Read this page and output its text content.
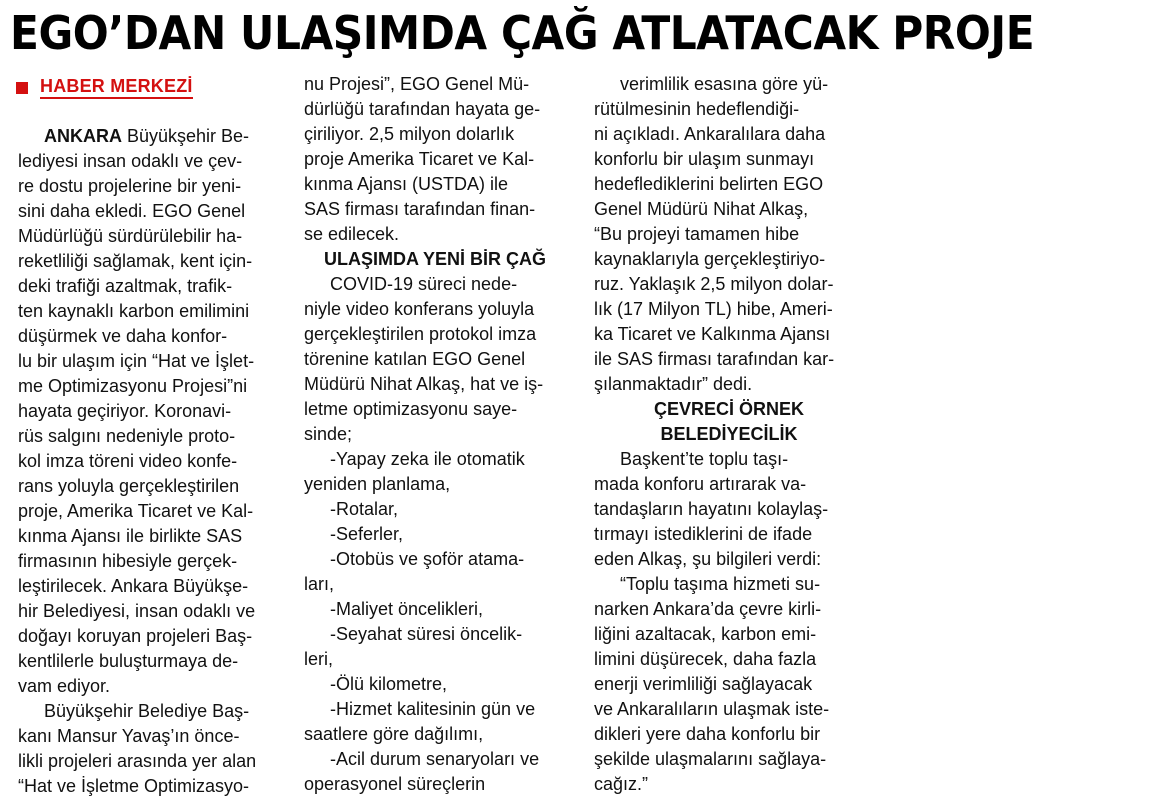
EGO’DAN ULAŞIMDA ÇAĞ ATLATACAK PROJE
HABER MERKEZİ
ANKARA Büyükşehir Be-
lediyesi insan odaklı ve çev-
re dostu projelerine bir yeni-
sini daha ekledi. EGO Genel
Müdürlüğü sürdürülebilir ha-
reketliliği sağlamak, kent için-
deki trafiği azaltmak, trafik-
ten kaynaklı karbon emilimini
düşürmek ve daha konfor-
lu bir ulaşım için “Hat ve İşlet-
me Optimizasyonu Projesi”ni
hayata geçiriyor. Koronavi-
rüs salgını nedeniyle proto-
kol imza töreni video konfe-
rans yoluyla gerçekleştirilen
proje, Amerika Ticaret ve Kal-
kınma Ajansı ile birlikte SAS
firmasının hibesiyle gerçek-
leştirilecek. Ankara Büyükşe-
hir Belediyesi, insan odaklı ve
doğayı koruyan projeleri Baş-
kentlilerle buluşturmaya de-
vam ediyor.
Büyükşehir Belediye Baş-
kanı Mansur Yavaş’ın önce-
likli projeleri arasında yer alan
“Hat ve İşletme Optimizasyo-
nu Projesi”, EGO Genel Mü-
dürlüğü tarafından hayata ge-
çiriliyor. 2,5 milyon dolarlık
proje Amerika Ticaret ve Kal-
kınma Ajansı (USTDA) ile
SAS firması tarafından finan-
se edilecek.
ULAŞIMDA YENİ BİR ÇAĞ
COVID-19 süreci nede-
niyle video konferans yoluyla
gerçekleştirilen protokol imza
törenine katılan EGO Genel
Müdürü Nihat Alkaş, hat ve iş-
letme optimizasyonu saye-
sinde;
-Yapay zeka ile otomatik
yeniden planlama,
-Rotalar,
-Seferler,
-Otobüs ve şoför atama-
ları,
-Maliyet öncelikleri,
-Seyahat süresi öncelik-
leri,
-Ölü kilometre,
-Hizmet kalitesinin gün ve
saatlere göre dağılımı,
-Acil durum senaryoları ve
operasyonel süreçlerin
verimlilik esasına göre yü-
rütülmesinin hedeflendiği-
ni açıkladı. Ankaralılara daha
konforlu bir ulaşım sunmayı
hedeflediklerini belirten EGO
Genel Müdürü Nihat Alkaş,
“Bu projeyi tamamen hibe
kaynaklarıyla gerçekleştiriyo-
ruz. Yaklaşık 2,5 milyon dolar-
lık (17 Milyon TL) hibe, Ameri-
ka Ticaret ve Kalkınma Ajansı
ile SAS firması tarafından kar-
şılanmaktadır” dedi.
ÇEVRECİ ÖRNEK
BELEDİYECİLİK
Başkent’te toplu taşı-
mada konforu artırarak va-
tandaşların hayatını kolaylaş-
tırmayı istediklerini de ifade
eden Alkaş, şu bilgileri verdi:
“Toplu taşıma hizmeti su-
narken Ankara’da çevre kirli-
liğini azaltacak, karbon emi-
limini düşürecek, daha fazla
enerji verimliliği sağlayacak
ve Ankaralıların ulaşmak iste-
dikleri yere daha konforlu bir
şekilde ulaşmalarını sağlaya-
cağız.”
